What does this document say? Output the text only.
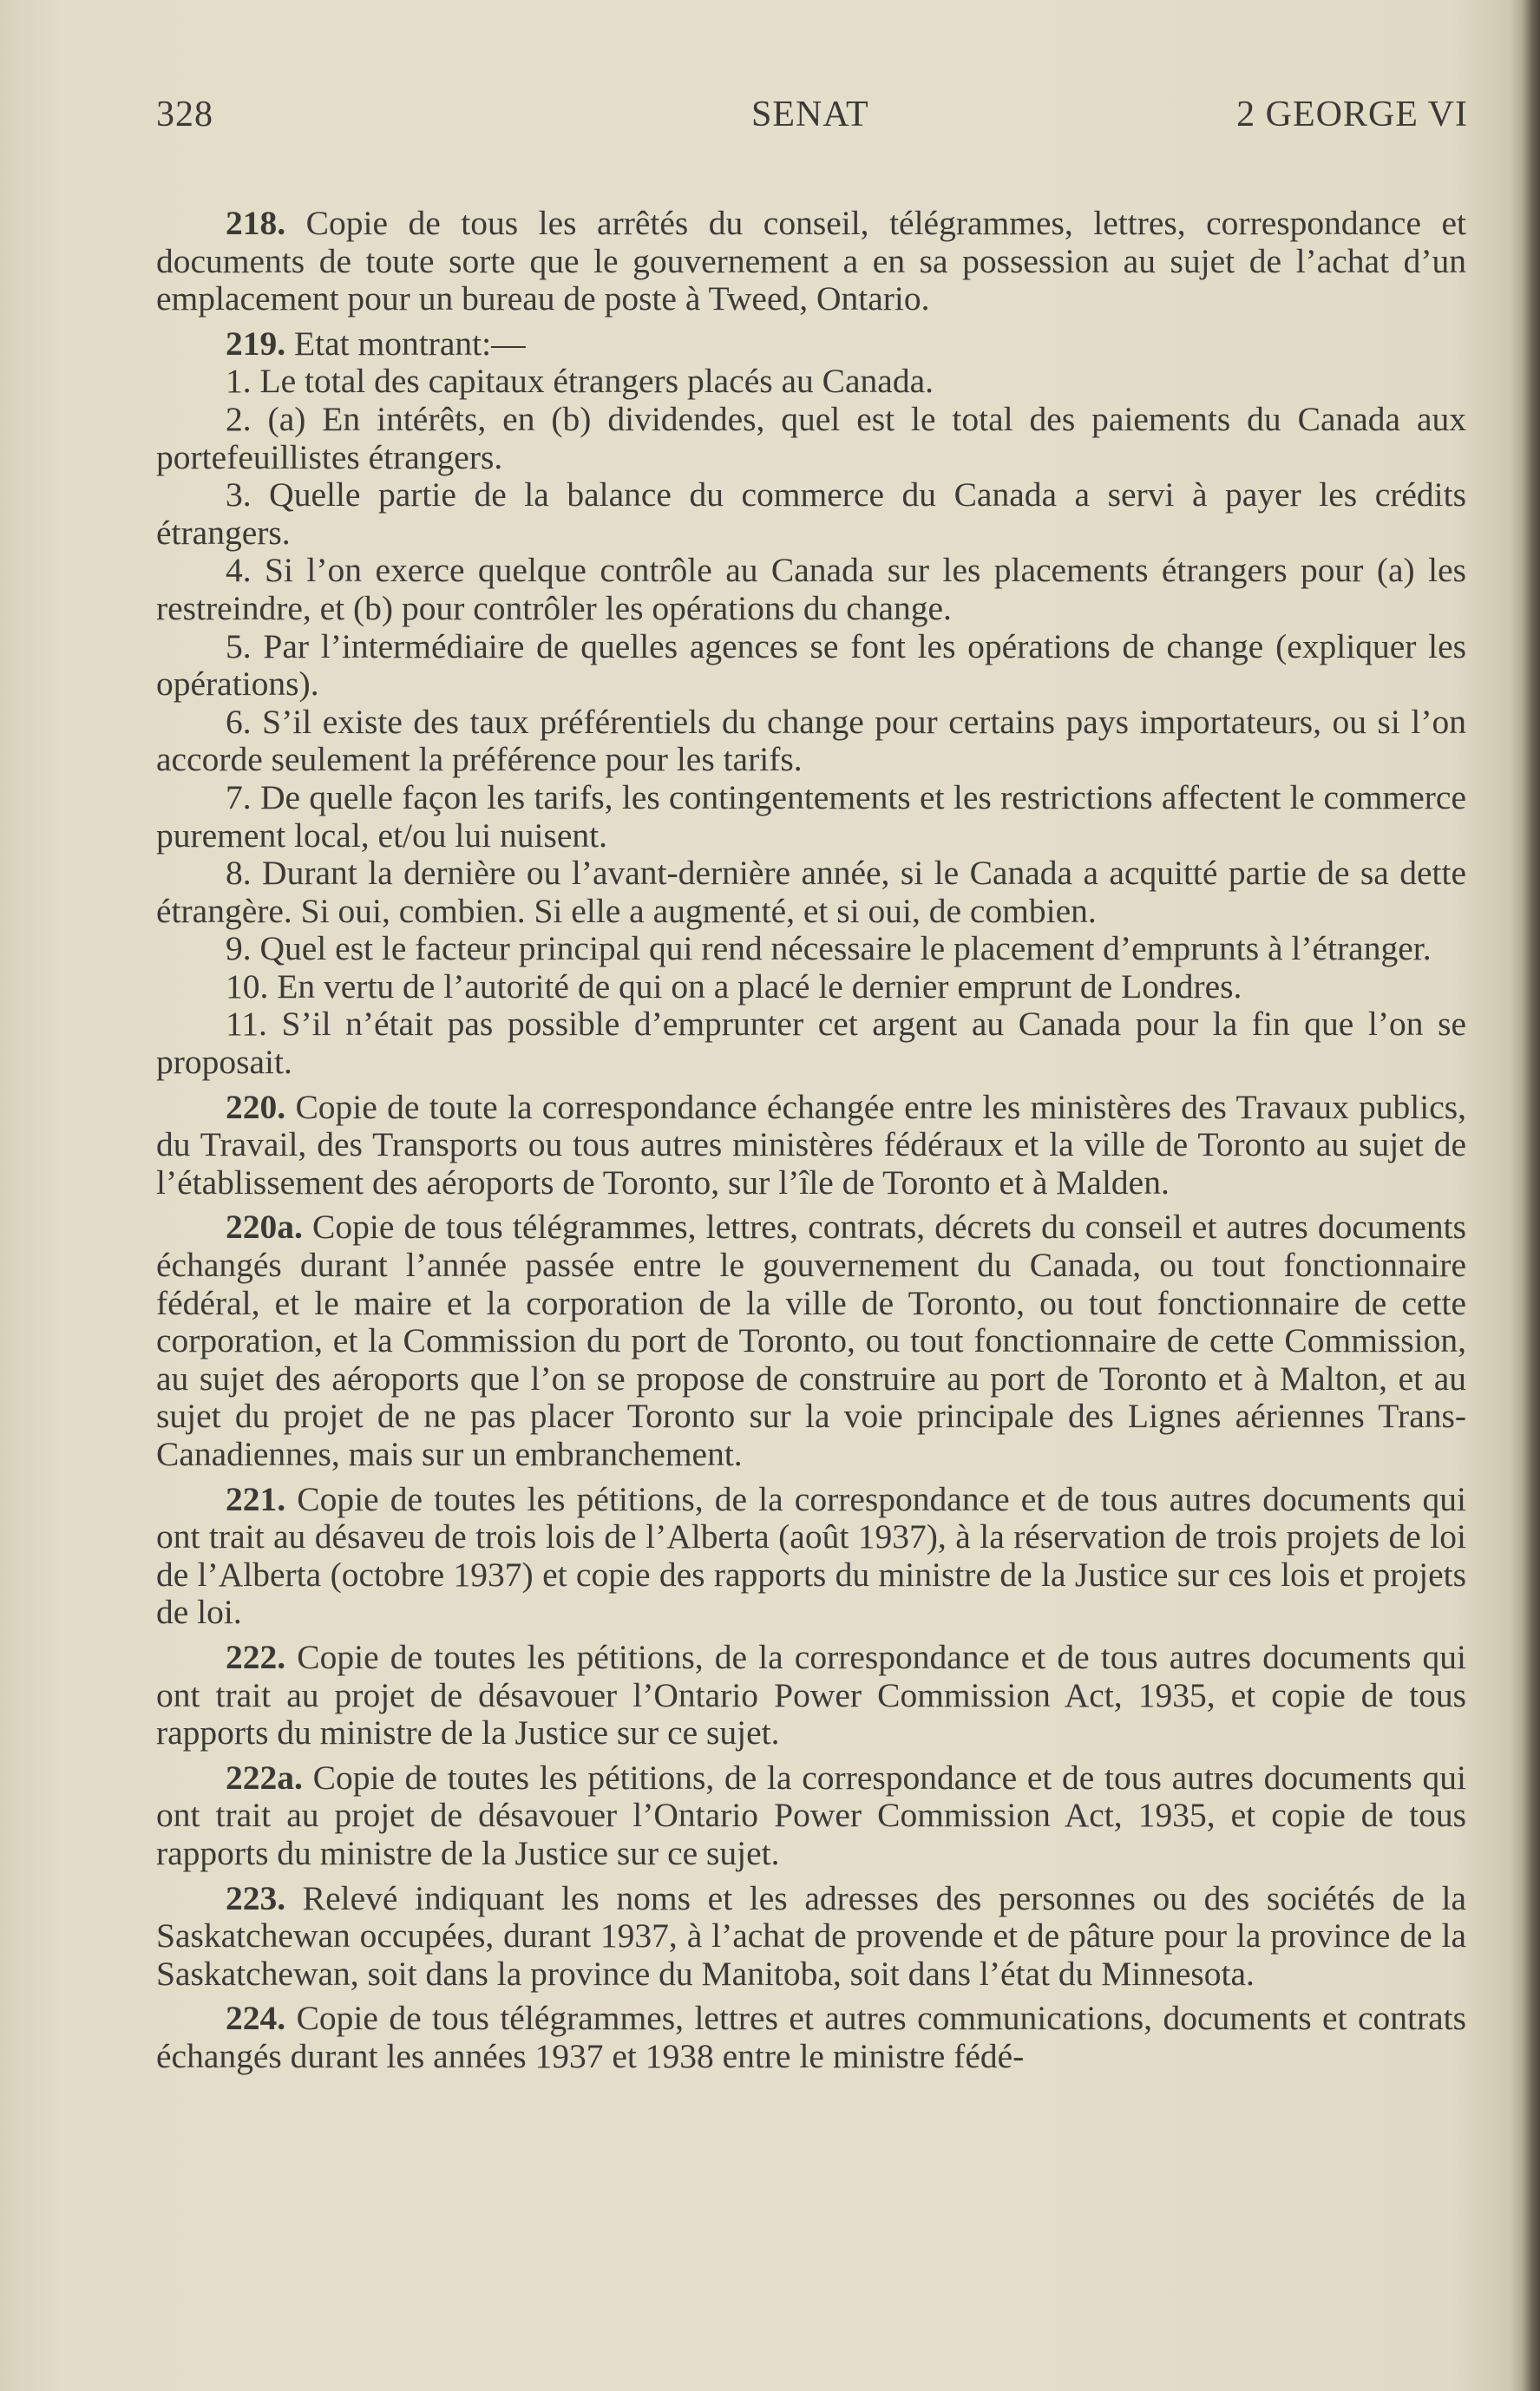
328	SENAT	2 GEORGE VI

218. Copie de tous les arrêtés du conseil, télégrammes, lettres, correspondance et documents de toute sorte que le gouvernement a en sa possession au sujet de l’achat d’un emplacement pour un bureau de poste à Tweed, Ontario.

219. Etat montrant:—

1. Le total des capitaux étrangers placés au Canada.

2. (a) En intérêts, en (b) dividendes, quel est le total des paiements du Canada aux portefeuillistes étrangers.

3. Quelle partie de la balance du commerce du Canada a servi à payer les crédits étrangers.

4. Si l’on exerce quelque contrôle au Canada sur les placements étrangers pour (a) les restreindre, et (b) pour contrôler les opérations du change.

5. Par l’intermédiaire de quelles agences se font les opérations de change (expliquer les opérations).

6. S’il existe des taux préférentiels du change pour certains pays importateurs, ou si l’on accorde seulement la préférence pour les tarifs.

7. De quelle façon les tarifs, les contingentements et les restrictions affectent le commerce purement local, et/ou lui nuisent.

8. Durant la dernière ou l’avant-dernière année, si le Canada a acquitté partie de sa dette étrangère. Si oui, combien. Si elle a augmenté, et si oui, de combien.

9. Quel est le facteur principal qui rend nécessaire le placement d’emprunts à l’étranger.

10. En vertu de l’autorité de qui on a placé le dernier emprunt de Londres.

11. S’il n’était pas possible d’emprunter cet argent au Canada pour la fin que l’on se proposait.

220. Copie de toute la correspondance échangée entre les ministères des Travaux publics, du Travail, des Transports ou tous autres ministères fédéraux et la ville de Toronto au sujet de l’établissement des aéroports de Toronto, sur l’île de Toronto et à Malden.

220a. Copie de tous télégrammes, lettres, contrats, décrets du conseil et autres documents échangés durant l’année passée entre le gouvernement du Canada, ou tout fonctionnaire fédéral, et le maire et la corporation de la ville de Toronto, ou tout fonctionnaire de cette corporation, et la Commission du port de Toronto, ou tout fonctionnaire de cette Commission, au sujet des aéroports que l’on se propose de construire au port de Toronto et à Malton, et au sujet du projet de ne pas placer Toronto sur la voie principale des Lignes aériennes Trans-Canadiennes, mais sur un embranchement.

221. Copie de toutes les pétitions, de la correspondance et de tous autres documents qui ont trait au désaveu de trois lois de l’Alberta (août 1937), à la réservation de trois projets de loi de l’Alberta (octobre 1937) et copie des rapports du ministre de la Justice sur ces lois et projets de loi.

222. Copie de toutes les pétitions, de la correspondance et de tous autres documents qui ont trait au projet de désavouer l’Ontario Power Commission Act, 1935, et copie de tous rapports du ministre de la Justice sur ce sujet.

222a. Copie de toutes les pétitions, de la correspondance et de tous autres documents qui ont trait au projet de désavouer l’Ontario Power Commission Act, 1935, et copie de tous rapports du ministre de la Justice sur ce sujet.

223. Relevé indiquant les noms et les adresses des personnes ou des sociétés de la Saskatchewan occupées, durant 1937, à l’achat de provende et de pâture pour la province de la Saskatchewan, soit dans la province du Manitoba, soit dans l’état du Minnesota.

224. Copie de tous télégrammes, lettres et autres communications, documents et contrats échangés durant les années 1937 et 1938 entre le ministre fédé-
